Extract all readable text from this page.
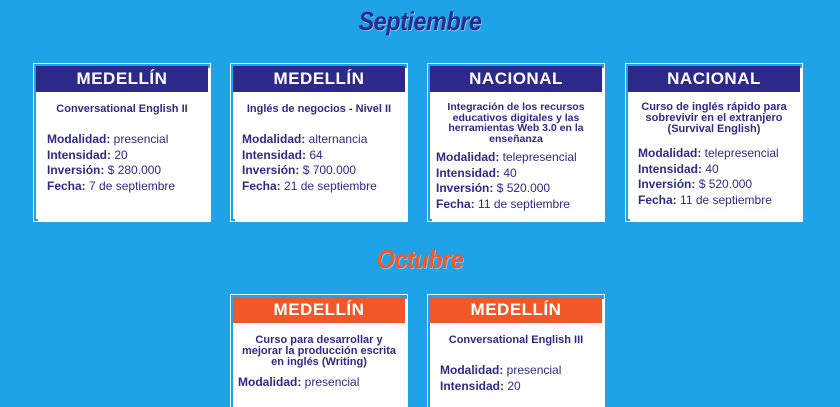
Septiembre
MEDELLÍN
Conversational English II
Modalidad: presencial
Intensidad: 20
Inversión: $ 280.000
Fecha: 7 de septiembre
MEDELLÍN
Inglés de negocios - Nivel II
Modalidad: alternancia
Intensidad: 64
Inversión: $ 700.000
Fecha: 21 de septiembre
NACIONAL
Integración de los recursos educativos digitales y las herramientas Web 3.0 en la enseñanza
Modalidad: telepresencial
Intensidad: 40
Inversión: $ 520.000
Fecha: 11 de septiembre
NACIONAL
Curso de inglés rápido para sobrevivir en el extranjero (Survival English)
Modalidad: telepresencial
Intensidad: 40
Inversión: $ 520.000
Fecha: 11 de septiembre
Octubre
MEDELLÍN
Curso para desarrollar y mejorar la producción escrita en inglés (Writing)
Modalidad: presencial
MEDELLÍN
Conversational English III
Modalidad: presencial
Intensidad: 20
